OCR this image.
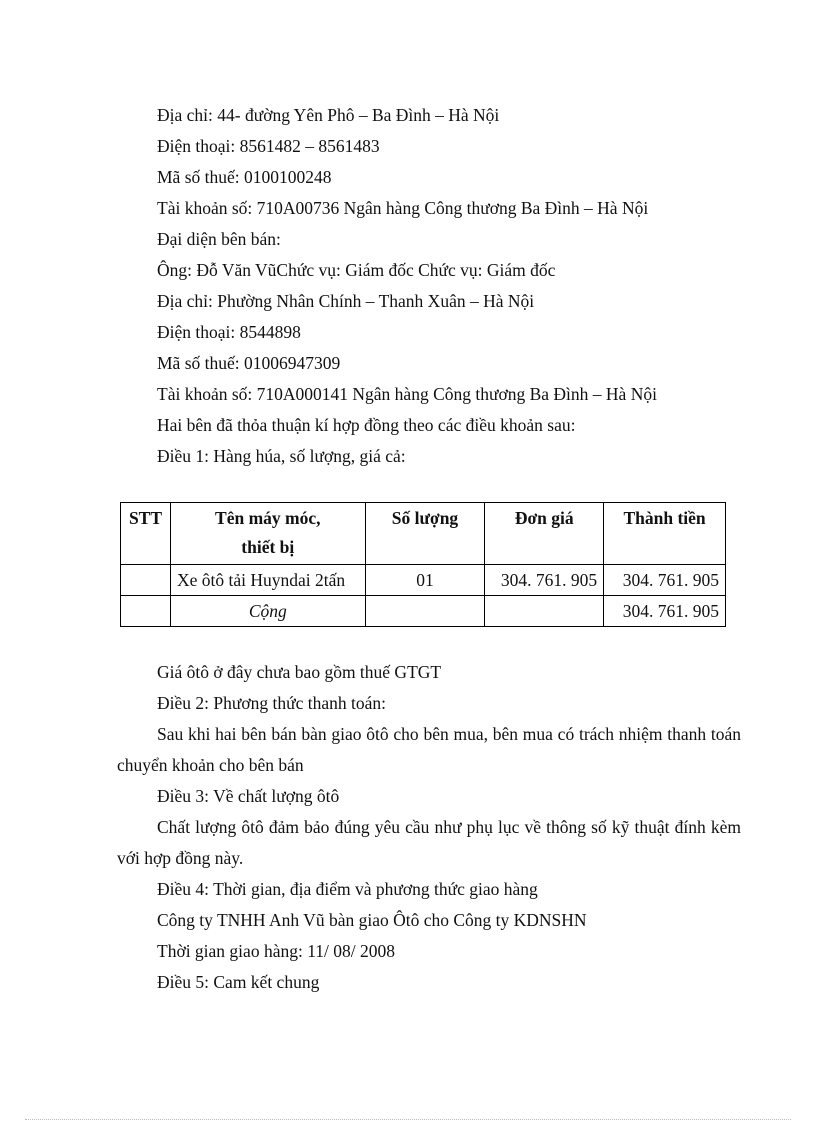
Địa chỉ: 44- đường Yên Phô – Ba Đình – Hà Nội
Điện thoại: 8561482 – 8561483
Mã số thuế: 0100100248
Tài khoản số: 710A00736 Ngân hàng Công thương Ba Đình – Hà Nội
Đại diện bên bán:
Ông: Đỗ Văn VũChức vụ: Giám đốc Chức vụ: Giám đốc
Địa chỉ: Phường Nhân Chính – Thanh Xuân – Hà Nội
Điện thoại: 8544898
Mã số thuế: 01006947309
Tài khoản số: 710A000141 Ngân hàng Công thương Ba Đình – Hà Nội
Hai bên đã thỏa thuận kí hợp đồng theo các điều khoản sau:
Điều 1: Hàng húa, số lượng, giá cả:
STT	Tên máy móc,
thiết bị	Số lượng	Đơn giá	Thành tiền
	Xe ôtô tải Huyndai 2tấn	01	304. 761. 905	304. 761. 905
	Cộng			304. 761. 905
Giá ôtô ở đây chưa bao gồm thuế GTGT
Điều 2: Phương thức thanh toán:
Sau khi hai bên bán bàn giao ôtô cho bên mua, bên mua có trách nhiệm thanh toán chuyển khoản cho bên bán
Điều 3: Về chất lượng ôtô
Chất lượng ôtô đảm bảo đúng yêu cầu như phụ lục về thông số kỹ thuật đính kèm với hợp đồng này.
Điều 4: Thời gian, địa điểm và phương thức giao hàng
Công ty TNHH Anh Vũ bàn giao Ôtô cho Công ty KDNSHN
Thời gian giao hàng: 11/ 08/ 2008
Điều 5: Cam kết chung
